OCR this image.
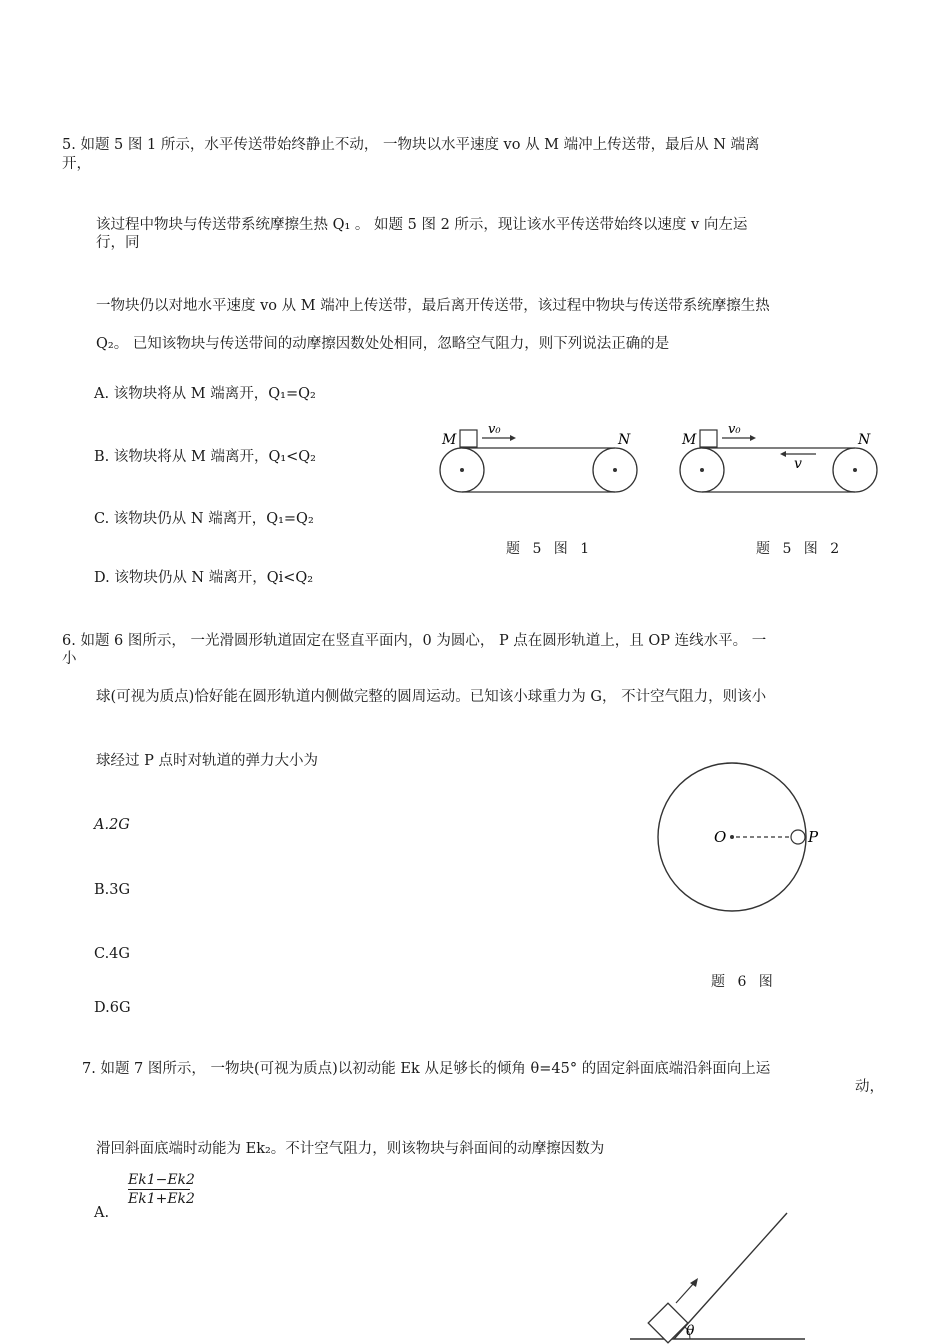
5. 如题 5 图 1 所示，水平传送带始终静止不动， 一物块以水平速度 vo 从 M 端冲上传送带，最后从 N 端离
开，
该过程中物块与传送带系统摩擦生热 Q₁ 。 如题 5 图 2 所示，现让该水平传送带始终以速度 v 向左运
行，同
一物块仍以对地水平速度 vo 从 M 端冲上传送带，最后离开传送带，该过程中物块与传送带系统摩擦生热
Q₂。 已知该物块与传送带间的动摩擦因数处处相同，忽略空气阻力，则下列说法正确的是
A. 该物块将从 M 端离开，Q₁=Q₂
B. 该物块将从 M 端离开，Q₁<Q₂
C. 该物块仍从 N 端离开，Q₁=Q₂
D. 该物块仍从 N 端离开，Qi<Q₂
M
v₀
N
题 5 图 1
M
v₀
v
N
题 5 图 2
6. 如题 6 图所示， 一光滑圆形轨道固定在竖直平面内，0 为圆心， P 点在圆形轨道上，且 OP 连线水平。 一
小
球(可视为质点)恰好能在圆形轨道内侧做完整的圆周运动。已知该小球重力为 G， 不计空气阻力，则该小
球经过 P 点时对轨道的弹力大小为
A.2G
B.3G
C.4G
D.6G
O	P
题 6 图
7. 如题 7 图所示， 一物块(可视为质点)以初动能 Ek 从足够长的倾角 θ=45° 的固定斜面底端沿斜面向上运
动，
滑回斜面底端时动能为 Ek₂。不计空气阻力，则该物块与斜面间的动摩擦因数为
A.
Ek1−Ek2
Ek1+Ek2
θ
